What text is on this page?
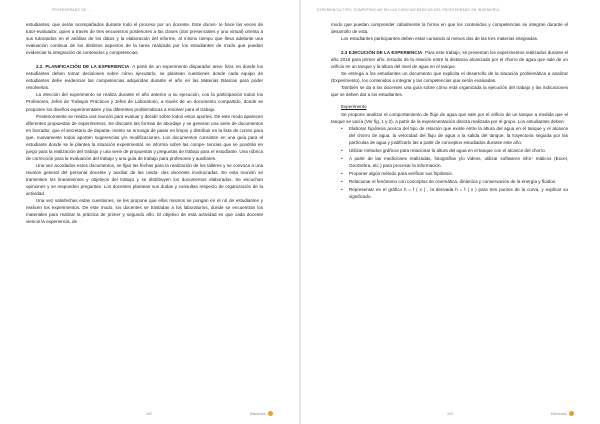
PROFESORADO DE ...

estudiantes, que serán acompañados durante todo el proceso por un docente. Este docen- te hace las veces de tutor-evaluador, quien a través de tres encuentros posteriores a las clases (dos presenciales y uno virtual) orienta a sus tutorandos en el análisis de los datos y la elaboración del informe, al mismo tiempo que lleva adelante una evaluación continua de los distintos aspectos de la tarea realizada por los estudiantes de modo que puedan evidenciar la integración de contenidos y competencias.

2.2. PLANIFICACIÓN DE LA EXPERIENCIA· A partir de un experimento disparador area- lizar, en donde los estudiantes deben tomar decisiones sobre cómo ejecutarlo, se plantean cuestiones donde cada equipo de estudiantes debe evidenciar las competencias adquiridas durante el año en las Materias Básicas para poder resolverlas.

La elección del experimento se realiza durante el año anterior a su ejecución, con la participación todos los Profesores, Jefes de Trabajos Prácticos y Jefes de Laboratorio, a través de un documento compartido, donde se proponen los diseños experimentales y las diferentes problemáticas a resolver para el trabajo.

Posteriormente se realiza una reunión para evaluar y decidir sobre todos estos aportes. De este modo aparecen diferentes propuestas de experimentos. Se discuten las formas de abordaje y se generan una serie de documentos en borrador, que el secretario de departa- mento se encarga de pasar en limpio y distribuir en la lista de correo para que, nuevamente todos aporten sugerencias y/o modificaciones. Los documentos consisten en una guía para el estudiante donde se le plantea la situación experimental, se informa sobre las compe- tencias que se pondrán en juego para la realización del trabajo y una serie de propuestas y preguntas de trabajo para el estudiante. Una rúbrica de corrección para la evaluación del trabajo y una guía de trabajo para profesores y auxiliares.

Una vez acordados estos documentos, se fijan las fechas para la realización de los talleres y se convoca a una reunión general del personal docente y auxiliar de las unida- des docentes involucradas. En esta reunión se transmiten los lineamientos y objetivos del trabajo y se distribuyen los documentos elaborados. Se escuchan opiniones y se responden preguntas. Los docentes plantean sus dudas y consultas respecto de organización de la actividad.

Una vez satisfechas estas cuestiones, se les propone que ellos mismos se pongan en el rol de estudiantes y realicen los experimentos. De este modo, los docentes se trasladan a los laboratorios, donde se encuentran los materiales para realizar la práctica de primer y segundo año. El objetivo de esta actividad es que cada docente viencie la experiencia, de

102	Ediciones
EXPERIENCIA TIPO: COMPETENCIAS EN LAS CIENCIAS BÁSICAS DEL PROFESORADO EN INGENIERÍA

modo que puedan comprender cabalmente la forma en que los contenidos y competencias se integran durante el desarrollo de esta.

Los estudiantes participantes deben estar cursando al menos dos de las tres materias integradas.

2.3 EJECUCIÓN DE LA EXPERIENCIA· Para este trabajo, se presentan los experimentos realizados durante el año 2016 para primer año. Estudio de la relación entre la distancia alcanzada por el chorro de agua que sale de un orificio en un tanque y la altura del nivel de agua en el tanque.

Se entrega a los estudiantes un documento que explicita el desarrollo de la situación problemática a analizar (Experimento), los contenidos a integrar y las competencias que serán evaluadas.

También se da a los docentes una guía sobre cómo está organizada la ejecución del trabajo y las indicaciones que se deben dar a los estudiantes.

Experimento

Se propone analizar el comportamiento de flujo de agua que sale por el orificio de un tanque a medida que el tanque se vacía (Ver fig. 1 y 2), a partir de la experimentación directa realizada por el grupo. Los estudiantes deben:

• Elaborar hipótesis acerca del tipo de relación que existe entre la altura del agua en el tanque y el alcance del chorro de agua, la velocidad del flujo de agua a la salida del tanque, la trayectoria seguida por las partículas de agua y justificarlo las a partir de conceptos estudiados durante este año.
• Utilizar métodos gráficos para relacionar la altura del agua en el tanque con el alcance del chorro.
• A partir de las mediciones realizadas, fotografías y/o videos, utilizar softwares infor- máticos (Excel, GeoGebra, etc.) para procesar la información.
• Proponer algún método para verificar sus hipótesis.
• Relacionar el fenómeno con conceptos de cinemática, dinámica y conservación de la energía y fluidos.
• Representar en el gráfico h = f ( x ) , la derivada h = f ( x ) para tres puntos de la curva, y explicar su significado.
103	Ediciones
